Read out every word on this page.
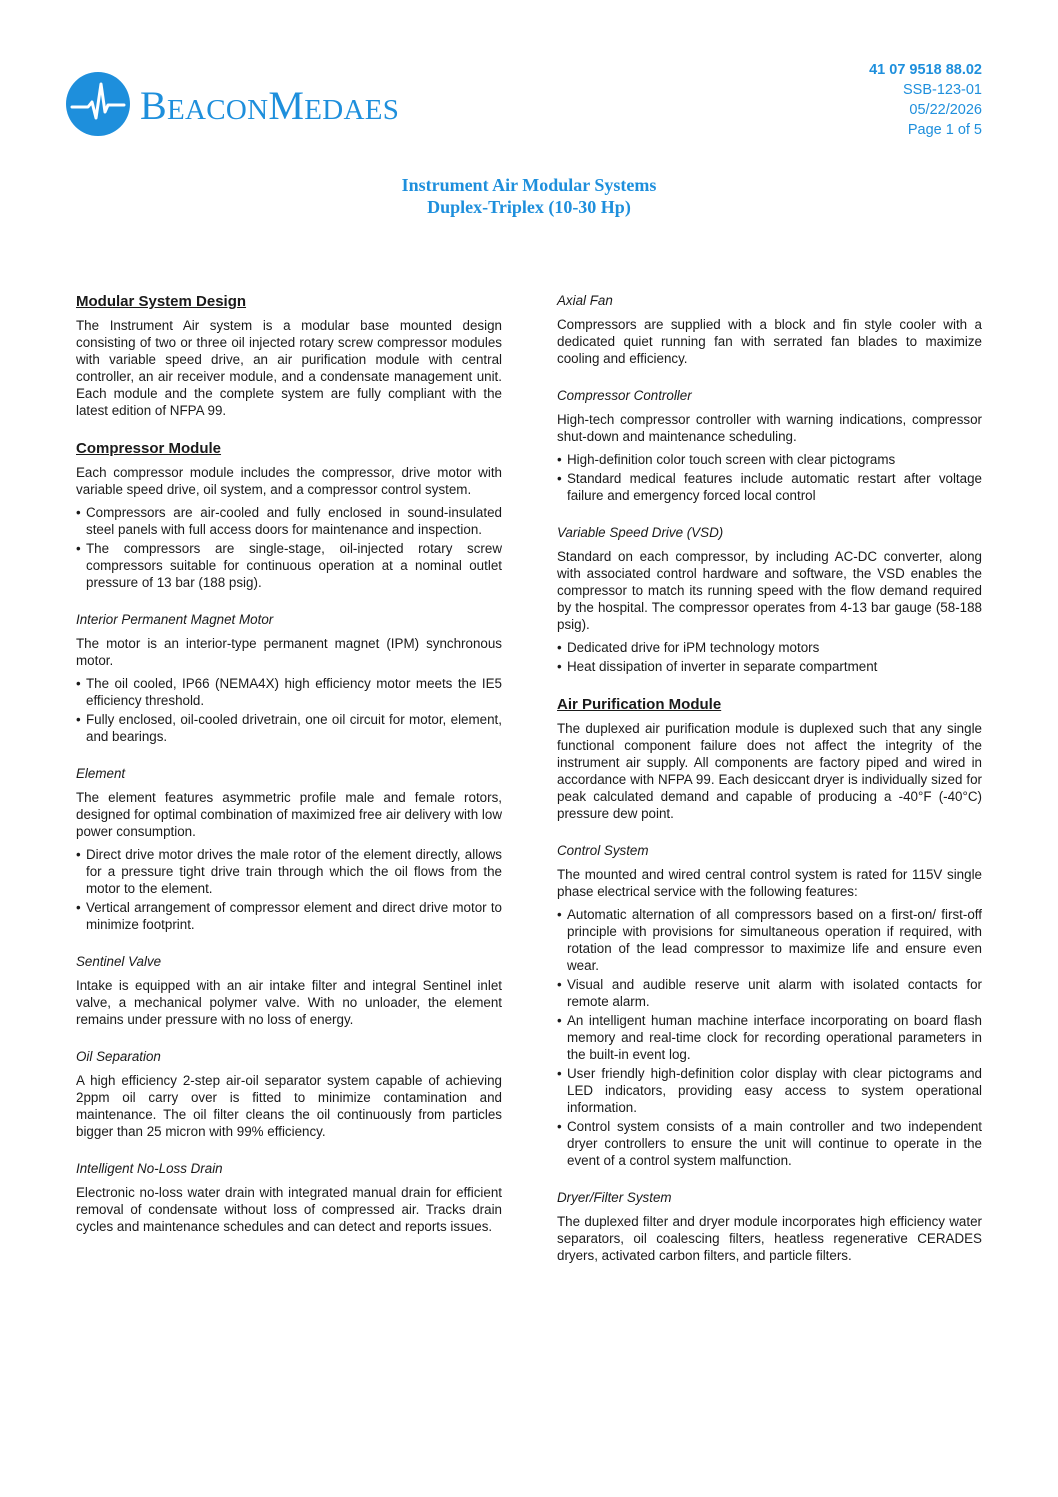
BEACONMEDAES
41 07 9518 88.02
SSB-123-01
05/22/2026
Page 1 of 5
Instrument Air Modular Systems
Duplex-Triplex (10-30 Hp)
Modular System Design

The Instrument Air system is a modular base mounted design consisting of two or three oil injected rotary screw compressor modules with variable speed drive, an air purification module with central controller, an air receiver module, and a condensate management unit. Each module and the complete system are fully compliant with the latest edition of NFPA 99.

Compressor Module

Each compressor module includes the compressor, drive motor with variable speed drive, oil system, and a compressor control system.

• Compressors are air-cooled and fully enclosed in sound-insulated steel panels with full access doors for maintenance and inspection.
• The compressors are single-stage, oil-injected rotary screw compressors suitable for continuous operation at a nominal outlet pressure of 13 bar (188 psig).
Interior Permanent Magnet Motor

The motor is an interior-type permanent magnet (IPM) synchronous motor.

• The oil cooled, IP66 (NEMA4X) high efficiency motor meets the IE5 efficiency threshold.
• Fully enclosed, oil-cooled drivetrain, one oil circuit for motor, element, and bearings.
Element

The element features asymmetric profile male and female rotors, designed for optimal combination of maximized free air delivery with low power consumption.

• Direct drive motor drives the male rotor of the element directly, allows for a pressure tight drive train through which the oil flows from the motor to the element.
• Vertical arrangement of compressor element and direct drive motor to minimize footprint.
Sentinel Valve

Intake is equipped with an air intake filter and integral Sentinel inlet valve, a mechanical polymer valve. With no unloader, the element remains under pressure with no loss of energy.

Oil Separation

A high efficiency 2-step air-oil separator system capable of achieving 2ppm oil carry over is fitted to minimize contamination and maintenance. The oil filter cleans the oil continuously from particles bigger than 25 micron with 99% efficiency.

Intelligent No-Loss Drain

Electronic no-loss water drain with integrated manual drain for efficient removal of condensate without loss of compressed air. Tracks drain cycles and maintenance schedules and can detect and reports issues.

Axial Fan

Compressors are supplied with a block and fin style cooler with a dedicated quiet running fan with serrated fan blades to maximize cooling and efficiency.

Compressor Controller

High-tech compressor controller with warning indications, compressor shut-down and maintenance scheduling.

• High-definition color touch screen with clear pictograms
• Standard medical features include automatic restart after voltage failure and emergency forced local control
Variable Speed Drive (VSD)

Standard on each compressor, by including AC-DC converter, along with associated control hardware and software, the VSD enables the compressor to match its running speed with the flow demand required by the hospital. The compressor operates from 4-13 bar gauge (58-188 psig).

• Dedicated drive for iPM technology motors
• Heat dissipation of inverter in separate compartment
Air Purification Module

The duplexed air purification module is duplexed such that any single functional component failure does not affect the integrity of the instrument air supply. All components are factory piped and wired in accordance with NFPA 99. Each desiccant dryer is individually sized for peak calculated demand and capable of producing a -40°F (-40°C) pressure dew point.

Control System

The mounted and wired central control system is rated for 115V single phase electrical service with the following features:

• Automatic alternation of all compressors based on a first-on/ first-off principle with provisions for simultaneous operation if required, with rotation of the lead compressor to maximize life and ensure even wear.
• Visual and audible reserve unit alarm with isolated contacts for remote alarm.
• An intelligent human machine interface incorporating on board flash memory and real-time clock for recording operational parameters in the built-in event log.
• User friendly high-definition color display with clear pictograms and LED indicators, providing easy access to system operational information.
• Control system consists of a main controller and two independent dryer controllers to ensure the unit will continue to operate in the event of a control system malfunction.
Dryer/Filter System

The duplexed filter and dryer module incorporates high efficiency water separators, oil coalescing filters, heatless regenerative CERADES dryers, activated carbon filters, and particle filters.
